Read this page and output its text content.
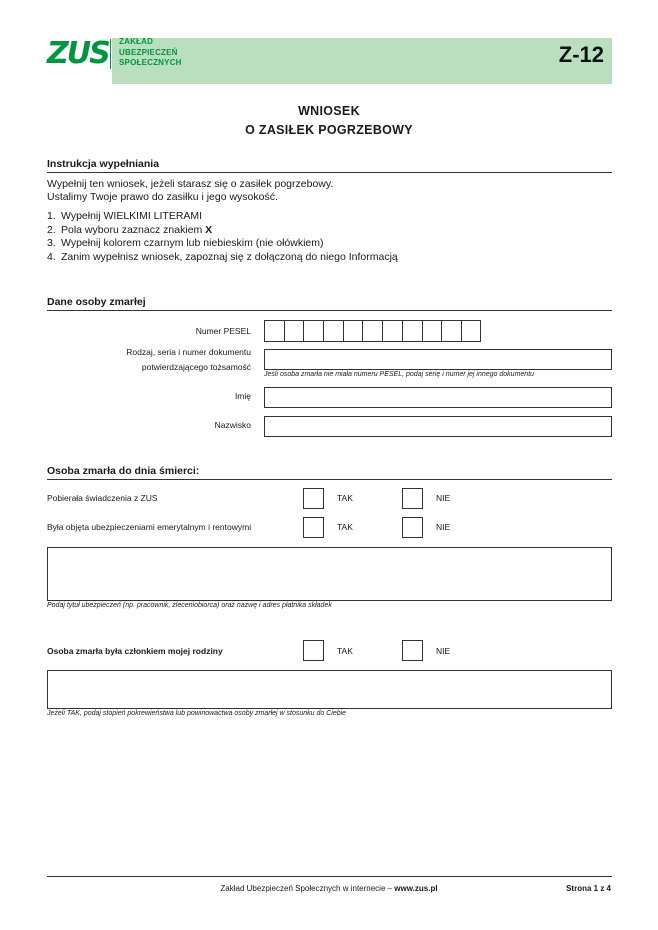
ZUS ZAKŁAD
UBEZPIECZEŃ
SPOŁECZNYCH	Z-12
WNIOSEK
O ZASIŁEK POGRZEBOWY
Instrukcja wypełniania
Wypełnij ten wniosek, jeżeli starasz się o zasiłek pogrzebowy.
Ustalimy Twoje prawo do zasiłku i jego wysokość.
1. Wypełnij WIELKIMI LITERAMI
2. Pola wyboru zaznacz znakiem X
3. Wypełnij kolorem czarnym lub niebieskim (nie ołówkiem)
4. Zanim wypełnisz wniosek, zapoznaj się z dołączoną do niego Informacją
Dane osoby zmarłej
Numer PESEL
Rodzaj, seria i numer dokumentu
potwierdzającego tożsamość
Jeśli osoba zmarła nie miała numeru PESEL, podaj serię i numer jej innego dokumentu
Imię
Nazwisko
Osoba zmarła do dnia śmierci:
Pobierała świadczenia z ZUS	TAK	NIE
Była objęta ubezpieczeniami emerytalnym i rentowymi	TAK	NIE
Podaj tytuł ubezpieczeń (np. pracownik, zleceniobiorca) oraz nazwę i adres płatnika składek
Osoba zmarła była członkiem mojej rodziny	TAK	NIE
Jeżeli TAK, podaj stopień pokrewieństwa lub powinowactwa osoby zmarłej w stosunku do Ciebie
Zakład Ubezpieczeń Społecznych w internecie – www.zus.pl	Strona 1 z 4
